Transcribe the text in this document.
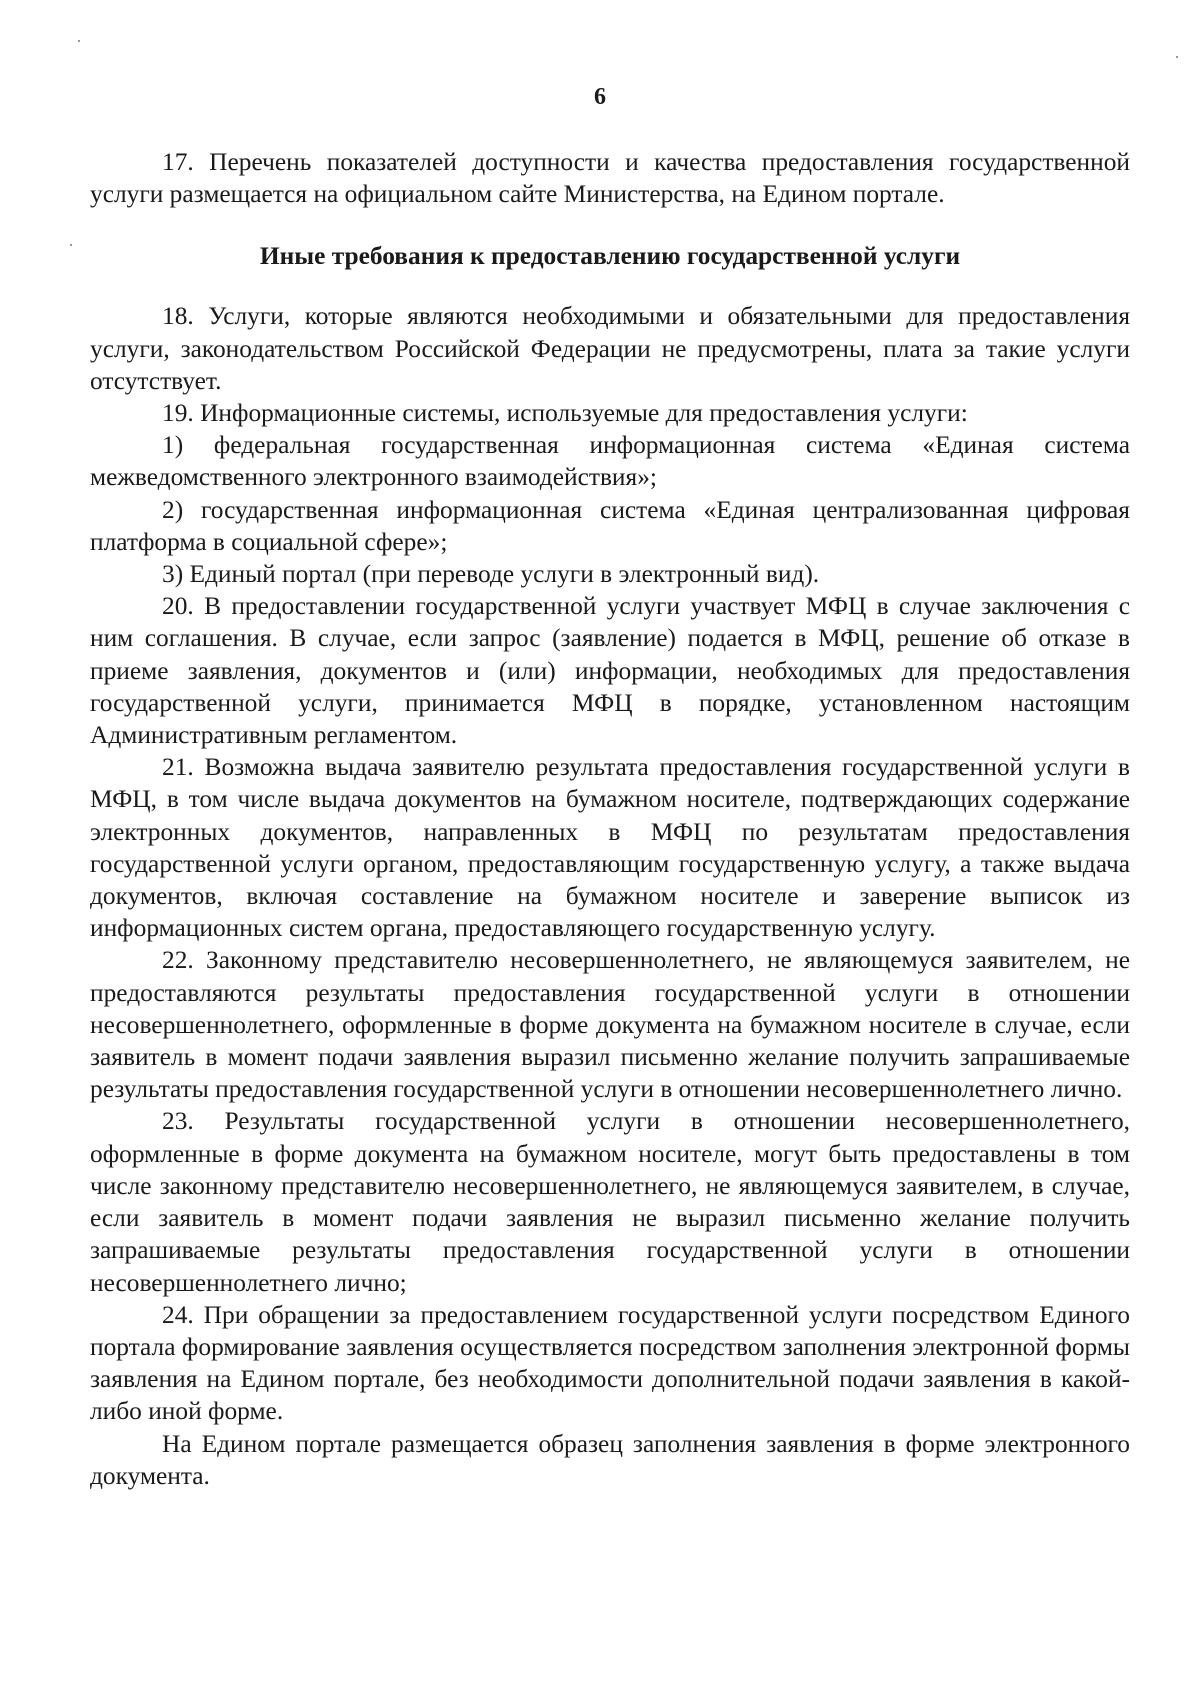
6

17. Перечень показателей доступности и качества предоставления государственной услуги размещается на официальном сайте Министерства, на Едином портале.

Иные требования к предоставлению государственной услуги

18. Услуги, которые являются необходимыми и обязательными для предоставления услуги, законодательством Российской Федерации не предусмотрены, плата за такие услуги отсутствует.

19. Информационные системы, используемые для предоставления услуги:

1) федеральная государственная информационная система «Единая система межведомственного электронного взаимодействия»;

2) государственная информационная система «Единая централизованная цифровая платформа в социальной сфере»;

3) Единый портал (при переводе услуги в электронный вид).

20. В предоставлении государственной услуги участвует МФЦ в случае заключения с ним соглашения. В случае, если запрос (заявление) подается в МФЦ, решение об отказе в приеме заявления, документов и (или) информации, необходимых для предоставления государственной услуги, принимается МФЦ в порядке, установленном настоящим Административным регламентом.

21. Возможна выдача заявителю результата предоставления государственной услуги в МФЦ, в том числе выдача документов на бумажном носителе, подтверждающих содержание электронных документов, направленных в МФЦ по результатам предоставления государственной услуги органом, предоставляющим государственную услугу, а также выдача документов, включая составление на бумажном носителе и заверение выписок из информационных систем органа, предоставляющего государственную услугу.

22. Законному представителю несовершеннолетнего, не являющемуся заявителем, не предоставляются результаты предоставления государственной услуги в отношении несовершеннолетнего, оформленные в форме документа на бумажном носителе в случае, если заявитель в момент подачи заявления выразил письменно желание получить запрашиваемые результаты предоставления государственной услуги в отношении несовершеннолетнего лично.

23. Результаты государственной услуги в отношении несовершеннолетнего, оформленные в форме документа на бумажном носителе, могут быть предоставлены в том числе законному представителю несовершеннолетнего, не являющемуся заявителем, в случае, если заявитель в момент подачи заявления не выразил письменно желание получить запрашиваемые результаты предоставления государственной услуги в отношении несовершеннолетнего лично;

24. При обращении за предоставлением государственной услуги посредством Единого портала формирование заявления осуществляется посредством заполнения электронной формы заявления на Едином портале, без необходимости дополнительной подачи заявления в какой-либо иной форме.

На Едином портале размещается образец заполнения заявления в форме электронного документа.
